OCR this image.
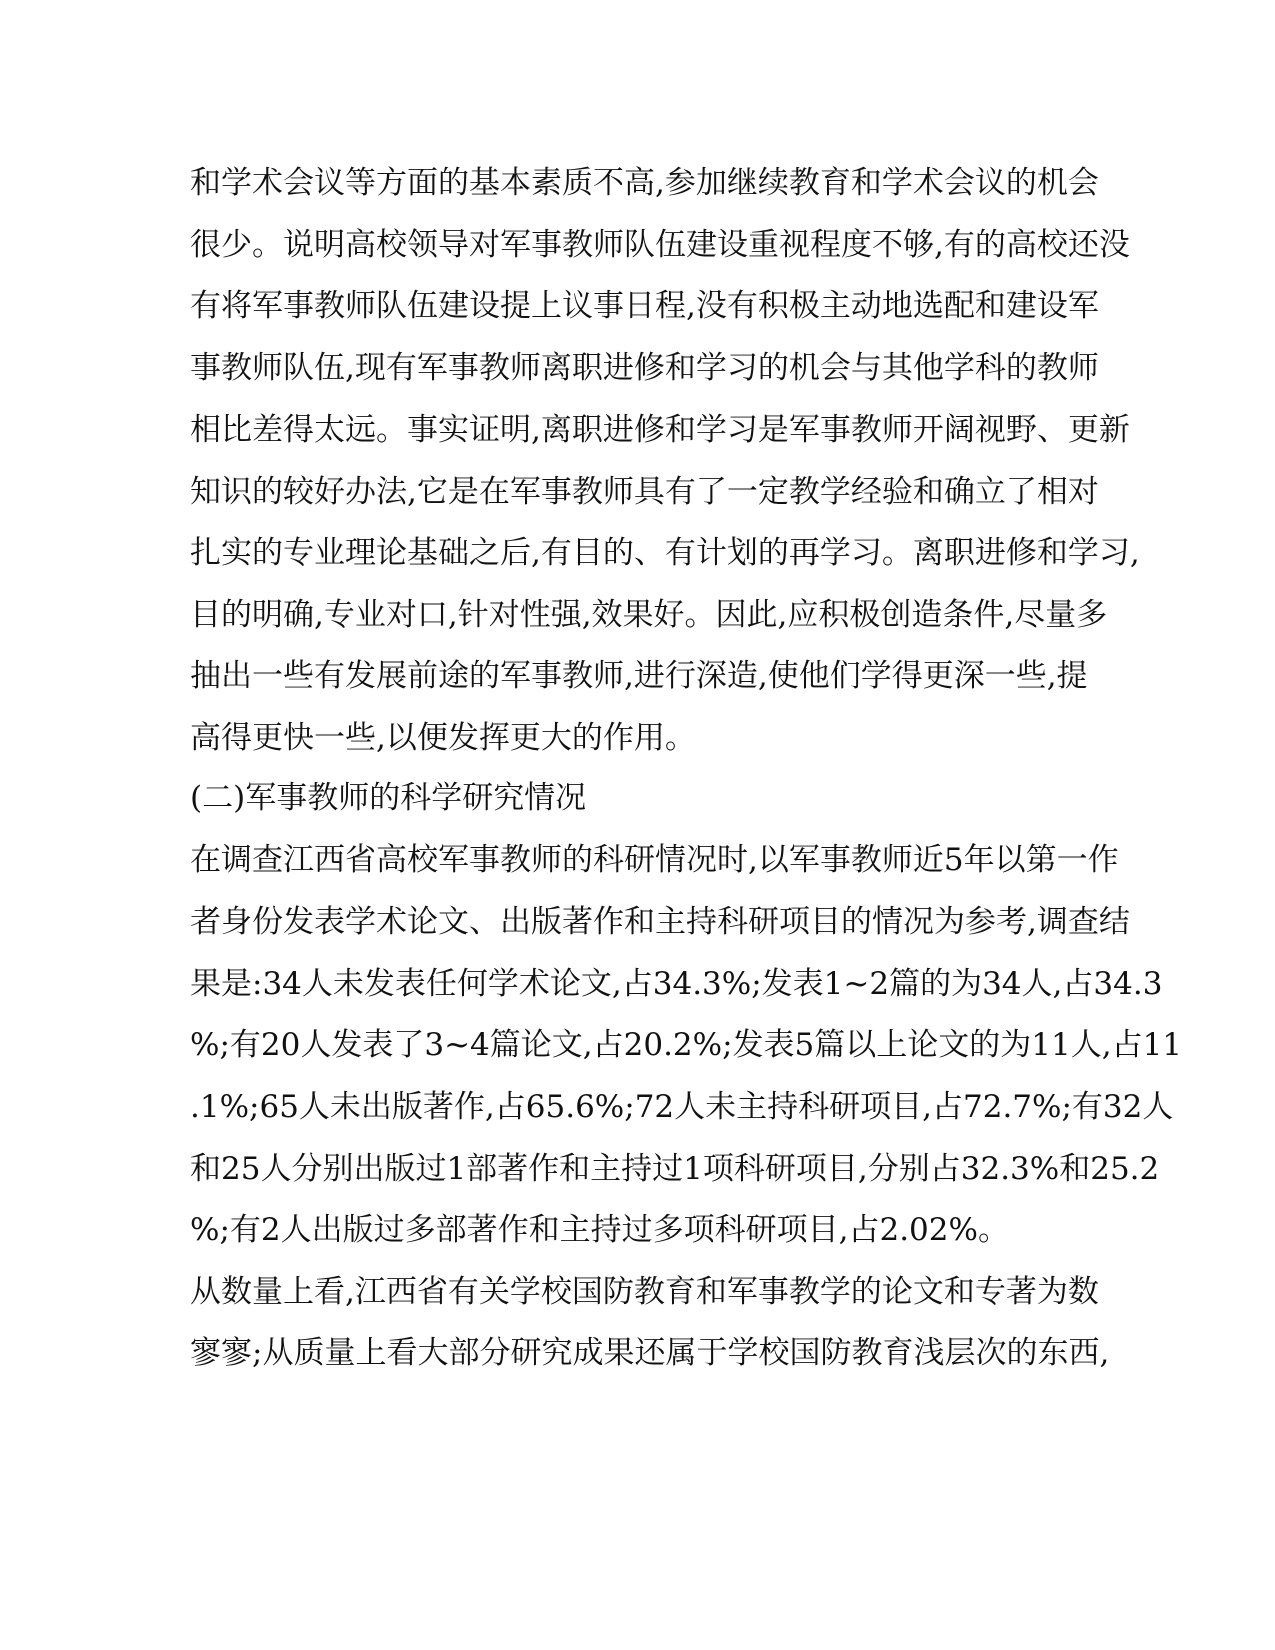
和学术会议等方面的基本素质不高,参加继续教育和学术会议的机会
很少。说明高校领导对军事教师队伍建设重视程度不够,有的高校还没
有将军事教师队伍建设提上议事日程,没有积极主动地选配和建设军
事教师队伍,现有军事教师离职进修和学习的机会与其他学科的教师
相比差得太远。事实证明,离职进修和学习是军事教师开阔视野、更新
知识的较好办法,它是在军事教师具有了一定教学经验和确立了相对
扎实的专业理论基础之后,有目的、有计划的再学习。离职进修和学习,
目的明确,专业对口,针对性强,效果好。因此,应积极创造条件,尽量多
抽出一些有发展前途的军事教师,进行深造,使他们学得更深一些,提
高得更快一些,以便发挥更大的作用。
(二)军事教师的科学研究情况
在调查江西省高校军事教师的科研情况时,以军事教师近5年以第一作
者身份发表学术论文、出版著作和主持科研项目的情况为参考,调查结
果是:34人未发表任何学术论文,占34.3%;发表1~2篇的为34人,占34.3
%;有20人发表了3~4篇论文,占20.2%;发表5篇以上论文的为11人,占11
.1%;65人未出版著作,占65.6%;72人未主持科研项目,占72.7%;有32人
和25人分别出版过1部著作和主持过1项科研项目,分别占32.3%和25.2
%;有2人出版过多部著作和主持过多项科研项目,占2.02%。
从数量上看,江西省有关学校国防教育和军事教学的论文和专著为数
寥寥;从质量上看大部分研究成果还属于学校国防教育浅层次的东西,
